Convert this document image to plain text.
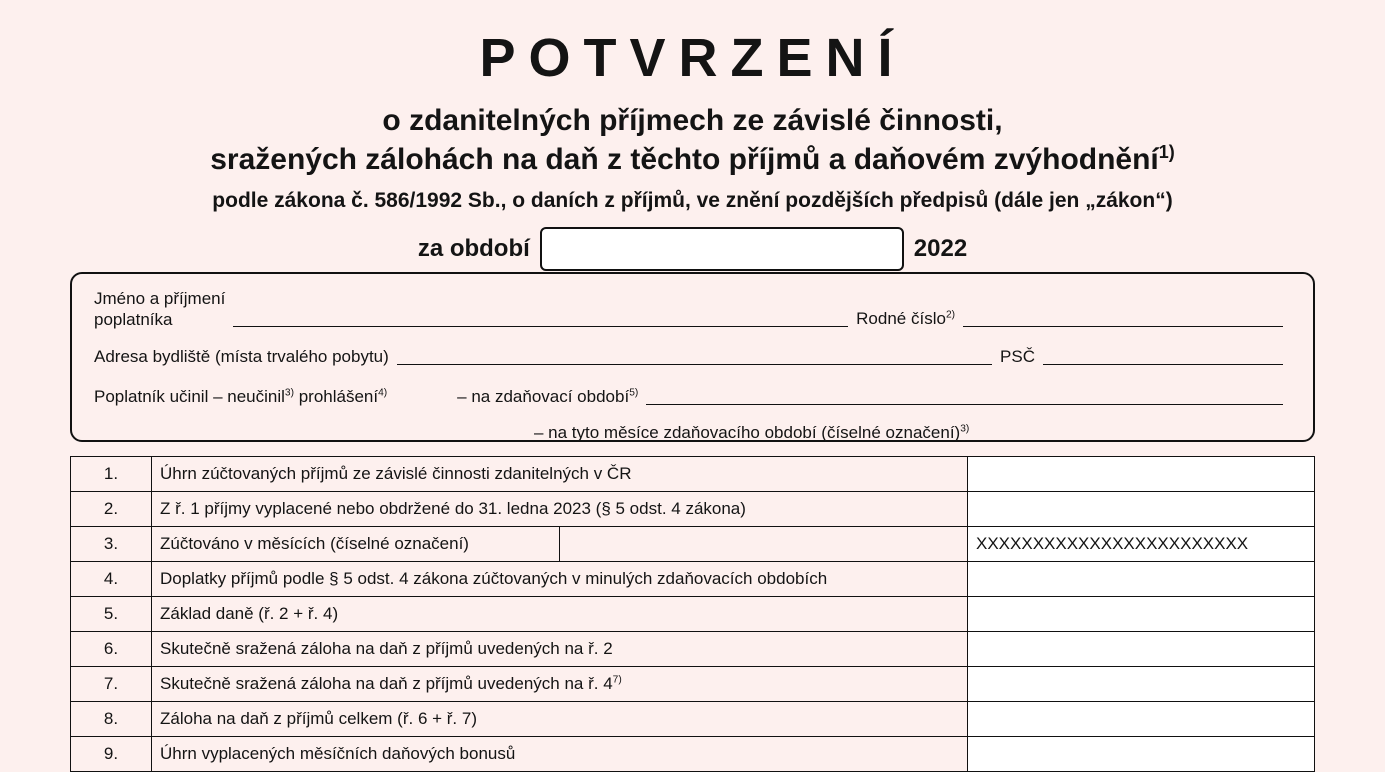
POTVRZENÍ
o zdanitelných příjmech ze závislé činnosti,
sražených zálohách na daň z těchto příjmů a daňovém zvýhodnění$^{1)}$
podle zákona č. 586/1992 Sb., o daních z příjmů, ve znění pozdějších předpisů (dále jen „zákon“)
za období	2022
Jméno a příjmení
poplatníka	Rodné číslo$^{2)}$
Adresa bydliště (místa trvalého pobytu)	PSČ
Poplatník učinil – neučinil$^{3)}$ prohlášení$^{4)}$	– na zdaňovací období$^{5)}$
– na tyto měsíce zdaňovacího období (číselné označení)$^{3)}$
1.	Úhrn zúčtovaných příjmů ze závislé činnosti zdanitelných v ČR		
2.	Z ř. 1 příjmy vyplacené nebo obdržené do 31. ledna 2023 (§ 5 odst. 4 zákona)		
3.	Zúčtováno v měsících (číselné označení)		XXXXXXXXXXXXXXXXXXXXXXXX
4.	Doplatky příjmů podle § 5 odst. 4 zákona zúčtovaných v minulých zdaňovacích obdobích		
5.	Základ daně (ř. 2 + ř. 4)		
6.	Skutečně sražená záloha na daň z příjmů uvedených na ř. 2		
7.	Skutečně sražená záloha na daň z příjmů uvedených na ř. 4$^{7)}$	
8.	Záloha na daň z příjmů celkem (ř. 6 + ř. 7)		
9.	Úhrn vyplacených měsíčních daňových bonusů		
